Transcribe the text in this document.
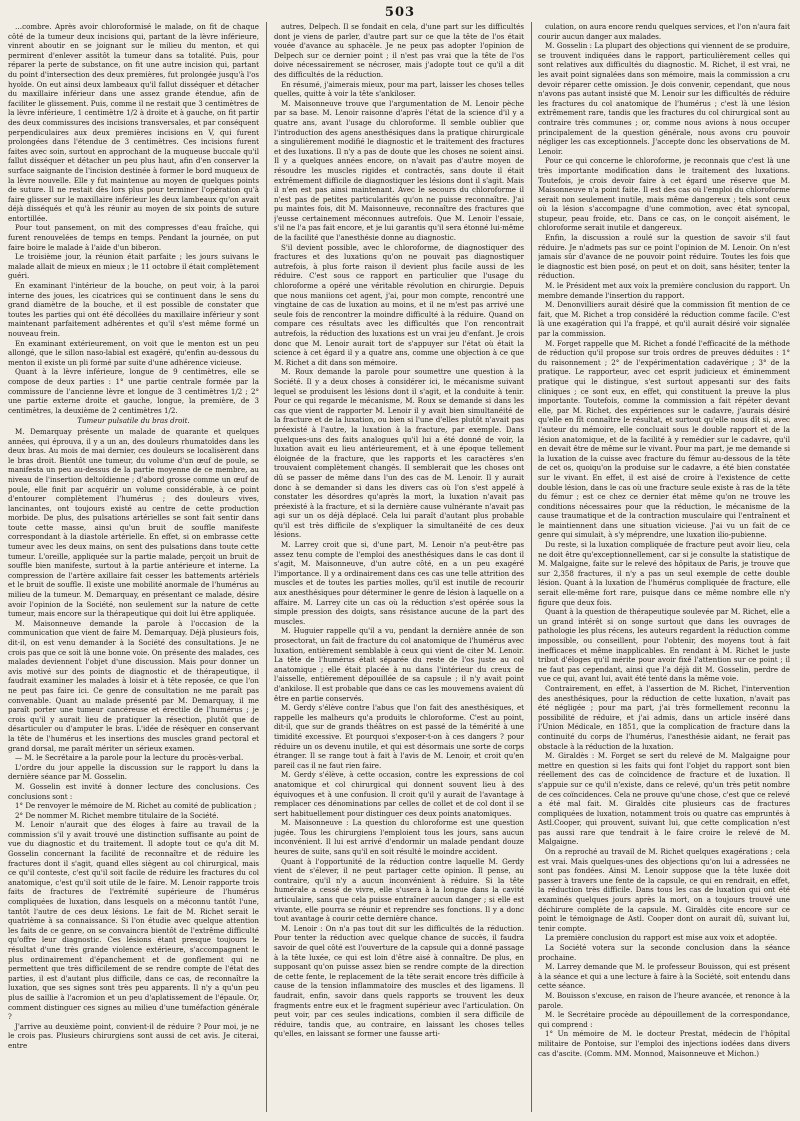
503

…combre. Après avoir chloroformisé le malade, on fit de chaque côté de la tumeur deux incisions qui, partant de la lèvre inférieure, vinrent aboutir en se joignant sur le milieu du menton, et qui permirent d'enlever assitôt la tumeur dans sa totalité. Puis, pour réparer la perte de substance, on fit une autre incision qui, partant du point d'intersection des deux premières, fut prolongée jusqu'à l'os hyoïde. On eut ainsi deux lambeaux qu'il fallut disséquer et détacher du maxillaire inférieur dans une assez grande étendue, afin de faciliter le glissement. Puis, comme il ne restait que 3 centimètres de la lèvre inférieure, 1 centimètre 1/2 à droite et à gauche, on fit partir des deux commissures des incisions transversales, et par conséquent perpendiculaires aux deux premières incisions en V, qui furent prolongées dans l'étendue de 3 centimètres. Ces incisions furent faites avec soin, surtout en approchant de la muqueuse buccale qu'il fallut disséquer et détacher un peu plus haut, afin d'en conserver la surface saignante de l'incision destinée à former le bord muqueux de la lèvre nouvelle. Elle y fut maintenue au moyen de quelques points de suture. Il ne restait dès lors plus pour terminer l'opération qu'à faire glisser sur le maxillaire inférieur les deux lambeaux qu'on avait déjà disséqués et qu'à les réunir au moyen de six points de suture entortillée.

Pour tout pansement, on mit des compresses d'eau fraîche, qui furent renouvelées de temps en temps. Pendant la journée, on put faire boire le malade à l'aide d'un biberon.

Le troisième jour, la réunion était parfaite ; les jours suivans le malade allait de mieux en mieux ; le 11 octobre il était complètement guéri.

En examinant l'intérieur de la bouche, on peut voir, à la paroi interne des joues, les cicatrices qui se continuent dans le sens du grand diamètre de la bouche, et il est possible de constater que toutes les parties qui ont été décollées du maxillaire inférieur y sont maintenant parfaitement adhérentes et qu'il s'est même formé un nouveau frein.

En examinant extérieurement, on voit que le menton est un peu allongé, que le sillon naso-labial est exagéré, qu'enfin au-dessous du menton il existe un pli formé par suite d'une adhérence vicieuse.

Quant à la lèvre inférieure, longue de 9 centimètres, elle se compose de deux parties : 1° une partie centrale formée par la commissure de l'ancienne lèvre et longue de 3 centimètres 1/2 ; 2° une partie externe droite et gauche, longue, la première, de 3 centimètres, la deuxième de 2 centimètres 1/2.

Tumeur pulsatile du bras droit.

M. Demarquay présente un malade de quarante et quelques années, qui éprouva, il y a un an, des douleurs rhumatoïdes dans les deux bras. Au mois de mai dernier, ces douleurs se localisèrent dans le bras droit. Bientôt une tumeur, du volume d'un œuf de poule, se manifesta un peu au-dessus de la partie moyenne de ce membre, au niveau de l'insertion deltoïdienne ; d'abord grosse comme un œuf de poule, elle finit par acquérir un volume considérable, à ce point d'entourer complètement l'humérus ; des douleurs vives, lancinantes, ont toujours existé au centre de cette production morbide. De plus, des pulsations artérielles se sont fait sentir dans toute cette masse, ainsi qu'un bruit de souffle manifeste correspondant à la diastole artérielle. En effet, si on embrasse cette tumeur avec les deux mains, on sent des pulsations dans toute cette tumeur. L'oreille, appliquée sur la partie malade, perçoit un bruit de souffle bien manifeste, surtout à la partie antérieure et interne. La compression de l'artère axillaire fait cesser les battements artériels et le bruit de souffle. Il existe une mobilité anormale de l'humérus au milieu de la tumeur. M. Demarquay, en présentant ce malade, désire avoir l'opinion de la Société, non seulement sur la nature de cette tumeur, mais encore sur la thérapeutique qui doit lui être appliquée.

M. Maisonneuve demande la parole à l'occasion de la communication que vient de faire M. Demarquay. Déjà plusieurs fois, dit-il, on est venu demander à la Société des consultations. Je ne crois pas que ce soit là une bonne voie. On présente des malades, ces malades deviennent l'objet d'une discussion. Mais pour donner un avis motivé sur des points de diagnostic et de thérapeutique, il faudrait examiner les malades à loisir et à tête reposée, ce que l'on ne peut pas faire ici. Ce genre de consultation ne me paraît pas convenable. Quant au malade présenté par M. Demarquay, il me paraît porter une tumeur cancéreuse et érectile de l'humérus ; je crois qu'il y aurait lieu de pratiquer la résection, plutôt que de désarticuler ou d'amputer le bras. L'idée de résèquer en conservant la tête de l'humérus et les insertions des muscles grand pectoral et grand dorsal, me paraît mériter un sérieux examen.

— M. le Secrétaire a la parole pour la lecture du procès-verbal.

L'ordre du jour appelle la discussion sur le rapport lu dans la dernière séance par M. Gosselin.

M. Gosselin est invité à donner lecture des conclusions. Ces conclusions sont :

1° De renvoyer le mémoire de M. Richet au comité de publication ;

2° De nommer M. Richet membre titulaire de la Société.

M. Lenoir n'aurait que des éloges à faire au travail de la commission s'il y avait trouvé une distinction suffisante au point de vue du diagnostic et du traitement. Il adopte tout ce qu'a dit M. Gosselin concernant la facilité de reconnaître et de réduire les fractures dont il s'agit, quand elles siègent au col chirurgical, mais ce qu'il conteste, c'est qu'il soit facile de réduire les fractures du col anatomique, c'est qu'il soit utile de le faire. M. Lenoir rapporte trois faits de fractures de l'extrémité supérieure de l'humérus compliquées de luxation, dans lesquels on a méconnu tantôt l'une, tantôt l'autre de ces deux lésions. Le fait de M. Richet serait le quatrième à sa connaissance. Si l'on étudie avec quelque attention les faits de ce genre, on se convaincra bientôt de l'extrême difficulté qu'offre leur diagnostic. Ces lésions étant presque toujours le résultat d'une très grande violence extérieure, s'accompagnent le plus ordinairement d'épanchement et de gonflement qui ne permettent que très difficilement de se rendre compte de l'état des parties, il est d'autant plus difficile, dans ce cas, de reconnaître la luxation, que ses signes sont très peu apparents. Il n'y a qu'un peu plus de saillie à l'acromion et un peu d'aplatissement de l'épaule. Or, comment distinguer ces signes au milieu d'une tuméfaction générale ?

J'arrive au deuxième point, convient-il de réduire ? Pour moi, je ne le crois pas. Plusieurs chirurgiens sont aussi de cet avis. Je citerai, entre

autres, Delpech. Il se fondait en cela, d'une part sur les difficultés dont je viens de parler, d'autre part sur ce que la tête de l'os était vouée d'avance au sphacèle. Je ne peux pas adopter l'opinion de Delpech sur ce dernier point ; il n'est pas vrai que la tête de l'os doive nécessairement se nécroser, mais j'adopte tout ce qu'il a dit des difficultés de la réduction.

En résumé, j'aimerais mieux, pour ma part, laisser les choses telles quelles, quitte à voir la tête s'ankiloser.

M. Maisonneuve trouve que l'argumentation de M. Lenoir pèche par sa base. M. Lenoir raisonne d'après l'état de la science d'il y a quatre ans, avant l'usage du chloroforme. Il semble oublier que l'introduction des agens anesthésiques dans la pratique chirurgicale a singulièrement modifié le diagnostic et le traitement des fractures et des luxations. Il n'y a pas de doute que les choses ne soient ainsi. Il y a quelques années encore, on n'avait pas d'autre moyen de résoudre les muscles rigides et contractés, sans doute il était extrêmement difficile de diagnostiquer les lésions dont il s'agit. Mais il n'en est pas ainsi maintenant. Avec le secours du chloroforme il n'est pas de petites particularités qu'on ne puisse reconnaître. J'ai pu maintes fois, dit M. Maisonneuve, reconnaître des fractures que j'eusse certainement méconnues autrefois. Que M. Lenoir l'essaie, s'il ne l'a pas fait encore, et je lui garantis qu'il sera étonné lui-même de la facilité que l'anesthésie donne au diagnostic.

S'il devient possible, avec le chloroforme, de diagnostiquer des fractures et des luxations qu'on ne pouvait pas diagnostiquer autrefois, à plus forte raison il devient plus facile aussi de les réduire. C'est sous ce rapport en particulier que l'usage du chloroforme a opéré une véritable révolution en chirurgie. Depuis que nous maniions cet agent, j'ai, pour mon compte, rencontré une vingtaine de cas de luxation au moins, et il ne m'est pas arrivé une seule fois de rencontrer la moindre difficulté à la réduire. Quand on compare ces résultats avec les difficultés que l'on rencontrait autrefois, la réduction des luxations est un vrai jeu d'enfant. Je crois donc que M. Lenoir aurait tort de s'appuyer sur l'état où était la science à cet égard il y a quatre ans, comme une objection à ce que M. Richet a dit dans son mémoire.

M. Roux demande la parole pour soumettre une question à la Société. Il y a deux choses à considérer ici, le mécanisme suivant lequel se produisent les lésions dont il s'agit, et la conduite à tenir. Pour ce qui regarde le mécanisme, M. Roux se demande si dans les cas que vient de rapporter M. Lenoir il y avait bien simultanéité de la fracture et de la luxation, ou bien si l'une d'elles plutôt n'avait pas préexisté à l'autre, la luxation à la fracture, par exemple. Dans quelques-uns des faits analogues qu'il lui a été donné de voir, la luxation avait eu lieu antérieurement, et à une époque tellement éloignée de la fracture, que les rapports et les caractères s'en trouvaient complètement changés. Il semblerait que les choses ont dû se passer de même dans l'un des cas de M. Lenoir. Il y aurait donc à se demander si dans les divers cas où l'on s'est appelé à constater les désordres qu'après la mort, la luxation n'avait pas préexisté à la fracture, et si la dernière cause vulnérante n'avait pas agi sur un os déjà déplacé. Cela lui paraît d'autant plus probable qu'il est très difficile de s'expliquer la simultanéité de ces deux lésions.

M. Larrey croit que si, d'une part, M. Lenoir n'a peut-être pas assez tenu compte de l'emploi des anesthésiques dans le cas dont il s'agit, M. Maisonneuve, d'un autre côté, en a un peu exagéré l'importance. Il y a ordinairement dans ces cas une telle attrition des muscles et de toutes les parties molles, qu'il est inutile de recourir aux anesthésiques pour déterminer le genre de lésion à laquelle on a affaire. M. Larrey cite un cas où la réduction s'est opérée sous la simple pression des doigts, sans résistance aucune de la part des muscles.

M. Huguier rappelle qu'il a vu, pendant la dernière année de son prosectorat, un fait de fracture du col anatomique de l'humérus avec luxation, entièrement semblable à ceux qui vient de citer M. Lenoir. La tête de l'humérus était séparée du reste de l'os juste au col anatomique ; elle était placée à nu dans l'intérieur du creux de l'aisselle, entièrement dépouillée de sa capsule ; il n'y avait point d'ankilose. Il est probable que dans ce cas les mouvemens avaient dû être en partie conservés.

M. Gerdy s'élève contre l'abus que l'on fait des anesthésiques, et rappelle les malheurs qu'a produits le chloroforme. C'est au point, dit-il, que sur de grands théâtres on est passé de la témérité à une timidité excessive. Et pourquoi s'exposer-t-on à ces dangers ? pour réduire un os devenu inutile, et qui est désormais une sorte de corps étranger. Il se range tout à fait à l'avis de M. Lenoir, et croit qu'en pareil cas il ne faut rien faire.

M. Gerdy s'élève, à cette occasion, contre les expressions de col anatomique et col chirurgical qui donnent souvent lieu à des équivoques et à une confusion. Il croit qu'il y aurait de l'avantage à remplacer ces dénominations par celles de collet et de col dont il se sert habituellement pour distinguer ces deux points anatomiques.

M. Maisonneuve : La question du chloroforme est une question jugée. Tous les chirurgiens l'emploient tous les jours, sans aucun inconvénient. Il lui est arrivé d'endormir un malade pendant douze heures de suite, sans qu'il en soit résulté le moindre accident.

Quant à l'opportunité de la réduction contre laquelle M. Gerdy vient de s'élever, il ne peut partager cette opinion. Il pense, au contraire, qu'il n'y a aucun inconvénient à réduire. Si la tête humérale a cessé de vivre, elle s'usera à la longue dans la cavité articulaire, sans que cela puisse entraîner aucun danger ; si elle est vivante, elle pourra se réunir et reprendre ses fonctions. Il y a donc tout avantage à courir cette dernière chance.

M. Lenoir : On n'a pas tout dit sur les difficultés de la réduction. Pour tenter la réduction avec quelque chance de succès, il faudra savoir de quel côté est l'ouverture de la capsule qui a donné passage à la tête luxée, ce qui est loin d'être aisé à connaître. De plus, en supposant qu'on puisse assez bien se rendre compte de la direction de cette fente, le replacement de la tête serait encore très difficile à cause de la tension inflammatoire des muscles et des ligamens. Il faudrait, enfin, savoir dans quels rapports se trouvent les deux fragments entre eux et le fragment supérieur avec l'articulation. On peut voir, par ces seules indications, combien il sera difficile de réduire, tandis que, au contraire, en laissant les choses telles qu'elles, en laissant se former une fausse arti-

culation, on aura encore rendu quelques services, et l'on n'aura fait courir aucun danger aux malades.

M. Gosselin : La plupart des objections qui viennent de se produire, se trouvent indiquées dans le rapport, particulièrement celles qui sont relatives aux difficultés du diagnostic. M. Richet, il est vrai, ne les avait point signalées dans son mémoire, mais la commission a cru devoir réparer cette omission. Je dois convenir, cependant, que nous n'avons pas autant insisté que M. Lenoir sur les difficultés de réduire les fractures du col anatomique de l'humérus ; c'est là une lésion extrêmement rare, tandis que les fractures du col chirurgical sont au contraire très communes ; or, comme nous avions à nous occuper principalement de la question générale, nous avons cru pouvoir négliger les cas exceptionnels. J'accepte donc les observations de M. Lenoir.

Pour ce qui concerne le chloroforme, je reconnais que c'est là une très importante modification dans le traitement des luxations. Toutefois, je crois devoir faire à cet égard une réserve que M. Maisonneuve n'a point faite. Il est des cas où l'emploi du chloroforme serait non seulement inutile, mais même dangereux ; tels sont ceux où la lésion s'accompagne d'une commotion, avec état syncopal, stupeur, peau froide, etc. Dans ce cas, on le conçoit aisément, le chloroforme serait inutile et dangereux.

Enfin, la discussion a roulé sur la question de savoir s'il faut réduire. Je n'admets pas sur ce point l'opinion de M. Lenoir. On n'est jamais sûr d'avance de ne pouvoir point réduire. Toutes les fois que le diagnostic est bien posé, on peut et on doit, sans hésiter, tenter la réduction.

M. le Président met aux voix la première conclusion du rapport. Un membre demande l'insertion du rapport.

M. Denonvilliers aurait désiré que la commission fît mention de ce fait, que M. Richet a trop considéré la réduction comme facile. C'est là une exagération qui l'a frappé, et qu'il aurait désiré voir signalée par la commission.

M. Forget rappelle que M. Richet a fondé l'efficacité de la méthode de réduction qu'il propose sur trois ordres de preuves déduites : 1° du raisonnement ; 2° de l'expérimentation cadavérique ; 3° de la pratique. Le rapporteur, avec cet esprit judicieux et éminemment pratique qui le distingue, s'est surtout appesanti sur des faits cliniques ; ce sont eux, en effet, qui constituent la preuve la plus importante. Toutefois, comme la commission a fait répéter devant elle, par M. Richet, des expériences sur le cadavre, j'aurais désiré qu'elle en fît connaître le résultat, et surtout qu'elle nous dît si, avec l'auteur du mémoire, elle concluait sous le double rapport et de la lésion anatomique, et de la facilité à y remédier sur le cadavre, qu'il en devait être de même sur le vivant. Pour ma part, je me demande si la luxation de la cuisse avec fracture du fémur au-dessous de la tête de cet os, quoiqu'on la produise sur le cadavre, a été bien constatée sur le vivant. En effet, il est aisé de croire à l'existence de cette double lésion, dans le cas où une fracture seule existe à ras de la tête du fémur ; est ce chez ce dernier état même qu'on ne trouve les conditions nécessaires pour que la réduction, le mécanisme de la cause traumatique et de la contraction musculaire qui l'entraînent et le maintiennent dans une situation vicieuse. J'ai vu un fait de ce genre qui simulait, à s'y méprendre, une luxation ilio-pubienne.

Du reste, si la luxation compliquée de fracture peut avoir lieu, cela ne doit être qu'exceptionnellement, car si je consulte la statistique de M. Malgaigne, faite sur le relevé des hôpitaux de Paris, je trouve que sur 2,358 fractures, il n'y a pas un seul exemple de cette double lésion. Quant à la luxation de l'humérus compliquée de fracture, elle serait elle-même fort rare, puisque dans ce même nombre elle n'y figure que deux fois.

Quant à la question de thérapeutique soulevée par M. Richet, elle a un grand intérêt si on songe surtout que dans les ouvrages de pathologie les plus récens, les auteurs regardent la réduction comme impossible, ou conseillent, pour l'obtenir, des moyens tout à fait inefficaces et même inapplicables. En rendant à M. Richet le juste tribut d'éloges qu'il mérite pour avoir fixé l'attention sur ce point ; il ne faut pas cependant, ainsi que l'a déjà dit M. Gosselin, perdre de vue ce qui, avant lui, avait été tenté dans la même voie.

Contrairement, en effet, à l'assertion de M. Richet, l'intervention des anesthésiques, pour la réduction de cette luxation, n'avait pas été négligée ; pour ma part, j'ai très formellement reconnu la possibilité de réduire, et j'ai admis, dans un article inséré dans l'Union Médicale, en 1851, que la complication de fracture dans la continuité du corps de l'humérus, l'anesthésie aidant, ne ferait pas obstacle à la réduction de la luxation.

M. Giraldès : M. Forget se sert du relevé de M. Malgaigne pour mettre en question si les faits qui font l'objet du rapport sont bien réellement des cas de coïncidence de fracture et de luxation. Il s'appuie sur ce qu'il n'existe, dans ce relevé, qu'un très petit nombre de ces coïncidences. Cela ne prouve qu'une chose, c'est que ce relevé a été mal fait. M. Giraldès cite plusieurs cas de fractures compliquées de luxation, notamment trois ou quatre cas empruntés à Astl.Cooper, qui prouvent, suivant lui, que cette complication n'est pas aussi rare que tendrait à le faire croire le relevé de M. Malgaigne.

On a reproché au travail de M. Richet quelques exagérations ; cela est vrai. Mais quelques-unes des objections qu'on lui a adressées ne sont pas fondées. Ainsi M. Lenoir suppose que la tête luxée doit passer à travers une fente de la capsule, ce qui en rendrait, en effet, la réduction très difficile. Dans tous les cas de luxation qui ont été examinés quelques jours après la mort, on a toujours trouvé une déchirure complète de la capsule. M. Giraldès cite encore sur ce point le témoignage de Astl. Cooper dont on aurait dû, suivant lui, tenir compte.

La première conclusion du rapport est mise aux voix et adoptée.

La Société votera sur la seconde conclusion dans la séance prochaine.

M. Larrey demande que M. le professeur Bouisson, qui est présent à la séance et qui a une lecture à faire à la Société, soit entendu dans cette séance.

M. Bouisson s'excuse, en raison de l'heure avancée, et renonce à la parole.

M. le Secrétaire procède au dépouillement de la correspondance, qui comprend :

1° Un mémoire de M. le docteur Prestat, médecin de l'hôpital militaire de Pontoise, sur l'emploi des injections iodées dans divers cas d'ascite. (Comm. MM. Monnod, Maisonneuve et Michon.)
